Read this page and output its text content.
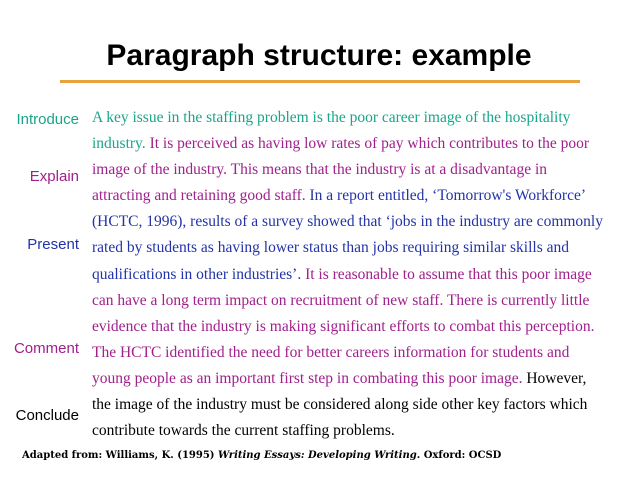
Paragraph structure: example
Introduce
Explain
Present
Comment
Conclude

A key issue in the staffing problem is the poor career image of the hospitality industry. It is perceived as having low rates of pay which contributes to the poor image of the industry. This means that the industry is at a disadvantage in attracting and retaining good staff. In a report entitled, ‘Tomorrow's Workforce’ (HCTC, 1996), results of a survey showed that ‘jobs in the industry are commonly rated by students as having lower status than jobs requiring similar skills and qualifications in other industries’. It is reasonable to assume that this poor image can have a long term impact on recruitment of new staff. There is currently little evidence that the industry is making significant efforts to combat this perception. The HCTC identified the need for better careers information for students and young people as an important first step in combating this poor image. However, the image of the industry must be considered along side other key factors which contribute towards the current staffing problems.

Adapted from: Williams, K. (1995) Writing Essays: Developing Writing. Oxford: OCSD
